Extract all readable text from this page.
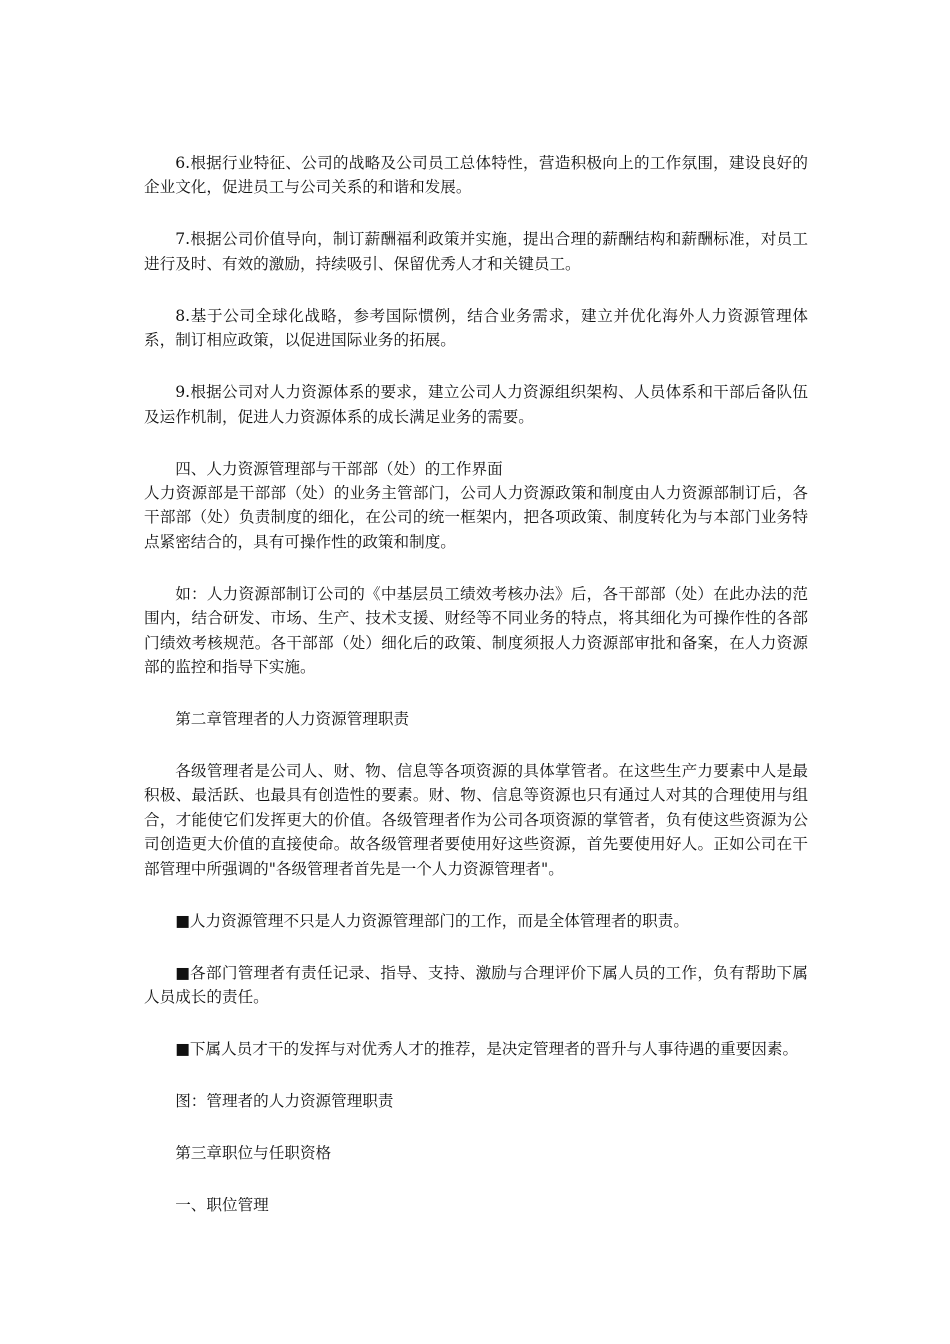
6.根据行业特征、公司的战略及公司员工总体特性，营造积极向上的工作氛围，建设良好的企业文化，促进员工与公司关系的和谐和发展。

7.根据公司价值导向，制订薪酬福利政策并实施，提出合理的薪酬结构和薪酬标准，对员工进行及时、有效的激励，持续吸引、保留优秀人才和关键员工。

8.基于公司全球化战略，参考国际惯例，结合业务需求，建立并优化海外人力资源管理体系，制订相应政策，以促进国际业务的拓展。

9.根据公司对人力资源体系的要求，建立公司人力资源组织架构、人员体系和干部后备队伍及运作机制，促进人力资源体系的成长满足业务的需要。

四、人力资源管理部与干部部（处）的工作界面

人力资源部是干部部（处）的业务主管部门，公司人力资源政策和制度由人力资源部制订后，各干部部（处）负责制度的细化，在公司的统一框架内，把各项政策、制度转化为与本部门业务特点紧密结合的，具有可操作性的政策和制度。

如：人力资源部制订公司的《中基层员工绩效考核办法》后，各干部部（处）在此办法的范围内，结合研发、市场、生产、技术支援、财经等不同业务的特点，将其细化为可操作性的各部门绩效考核规范。各干部部（处）细化后的政策、制度须报人力资源部审批和备案，在人力资源部的监控和指导下实施。

第二章管理者的人力资源管理职责

各级管理者是公司人、财、物、信息等各项资源的具体掌管者。在这些生产力要素中人是最积极、最活跃、也最具有创造性的要素。财、物、信息等资源也只有通过人对其的合理使用与组合，才能使它们发挥更大的价值。各级管理者作为公司各项资源的掌管者，负有使这些资源为公司创造更大价值的直接使命。故各级管理者要使用好这些资源，首先要使用好人。正如公司在干部管理中所强调的"各级管理者首先是一个人力资源管理者"。

■人力资源管理不只是人力资源管理部门的工作，而是全体管理者的职责。

■各部门管理者有责任记录、指导、支持、激励与合理评价下属人员的工作，负有帮助下属人员成长的责任。

■下属人员才干的发挥与对优秀人才的推荐，是决定管理者的晋升与人事待遇的重要因素。

图：管理者的人力资源管理职责

第三章职位与任职资格

一、职位管理
